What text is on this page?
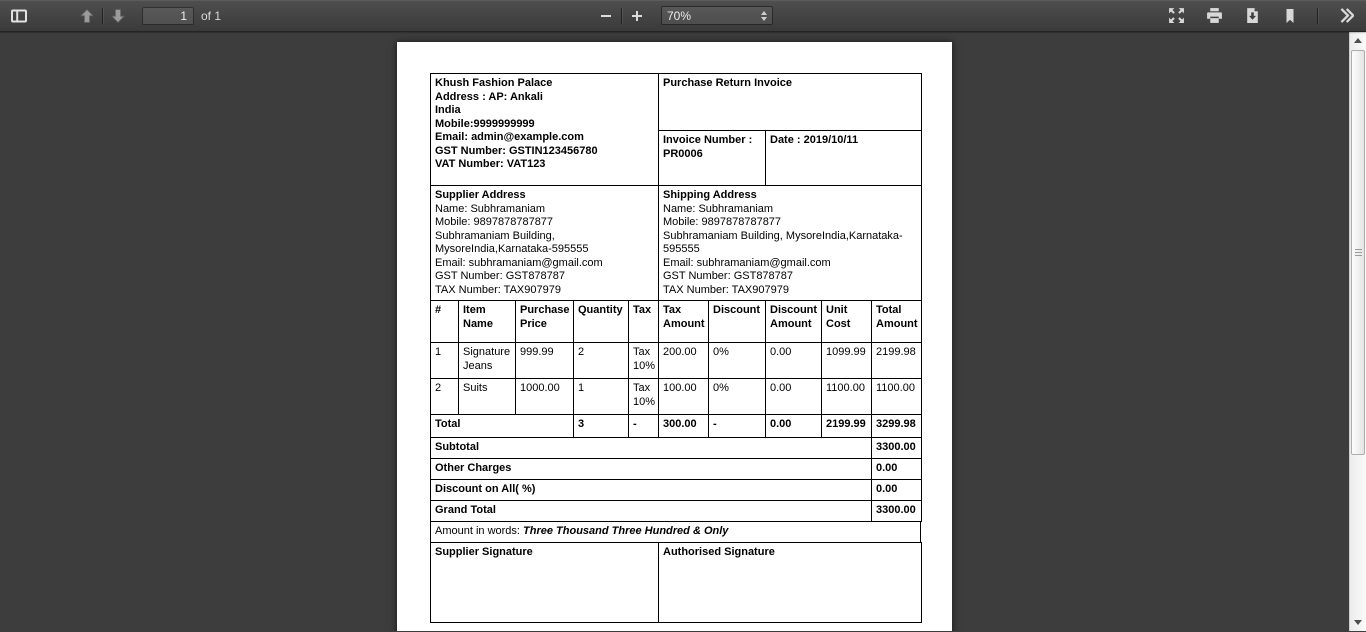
1
of 1	70%
Khush Fashion Palace
Address : AP: Ankali
India
Mobile:9999999999
Email: admin@example.com
GST Number: GSTIN123456780
VAT Number: VAT123
	Purchase Return Invoice

	Invoice Number :
PR0006	Date : 2019/10/11
Supplier Address
Name: Subhramaniam
Mobile: 9897878787877
Subhramaniam Building, MysoreIndia,Karnataka-595555
Email: subhramaniam@gmail.com
GST Number: GST878787
TAX Number: TAX907979

Shipping Address
Name: Subhramaniam
Mobile: 9897878787877
Subhramaniam Building, MysoreIndia,Karnataka-595555
Email: subhramaniam@gmail.com
GST Number: GST878787
TAX Number: TAX907979
#	Item Name	Purchase Price	Quantity	Tax	Tax Amount	Discount	Discount Amount	Unit Cost	Total Amount
1	Signature Jeans	999.99	2	Tax 10%	200.00	0%	0.00	1099.99	2199.98
2	Suits	1000.00	1	Tax 10%	100.00	0%	0.00	1100.00	1100.00
Total			3	-	300.00	-	0.00	2199.99	3299.98
Subtotal	3300.00
Other Charges	0.00
Discount on All( %)	0.00
Grand Total	3300.00
Amount in words: Three Thousand Three Hundred & Only
Supplier Signature	Authorised Signature
